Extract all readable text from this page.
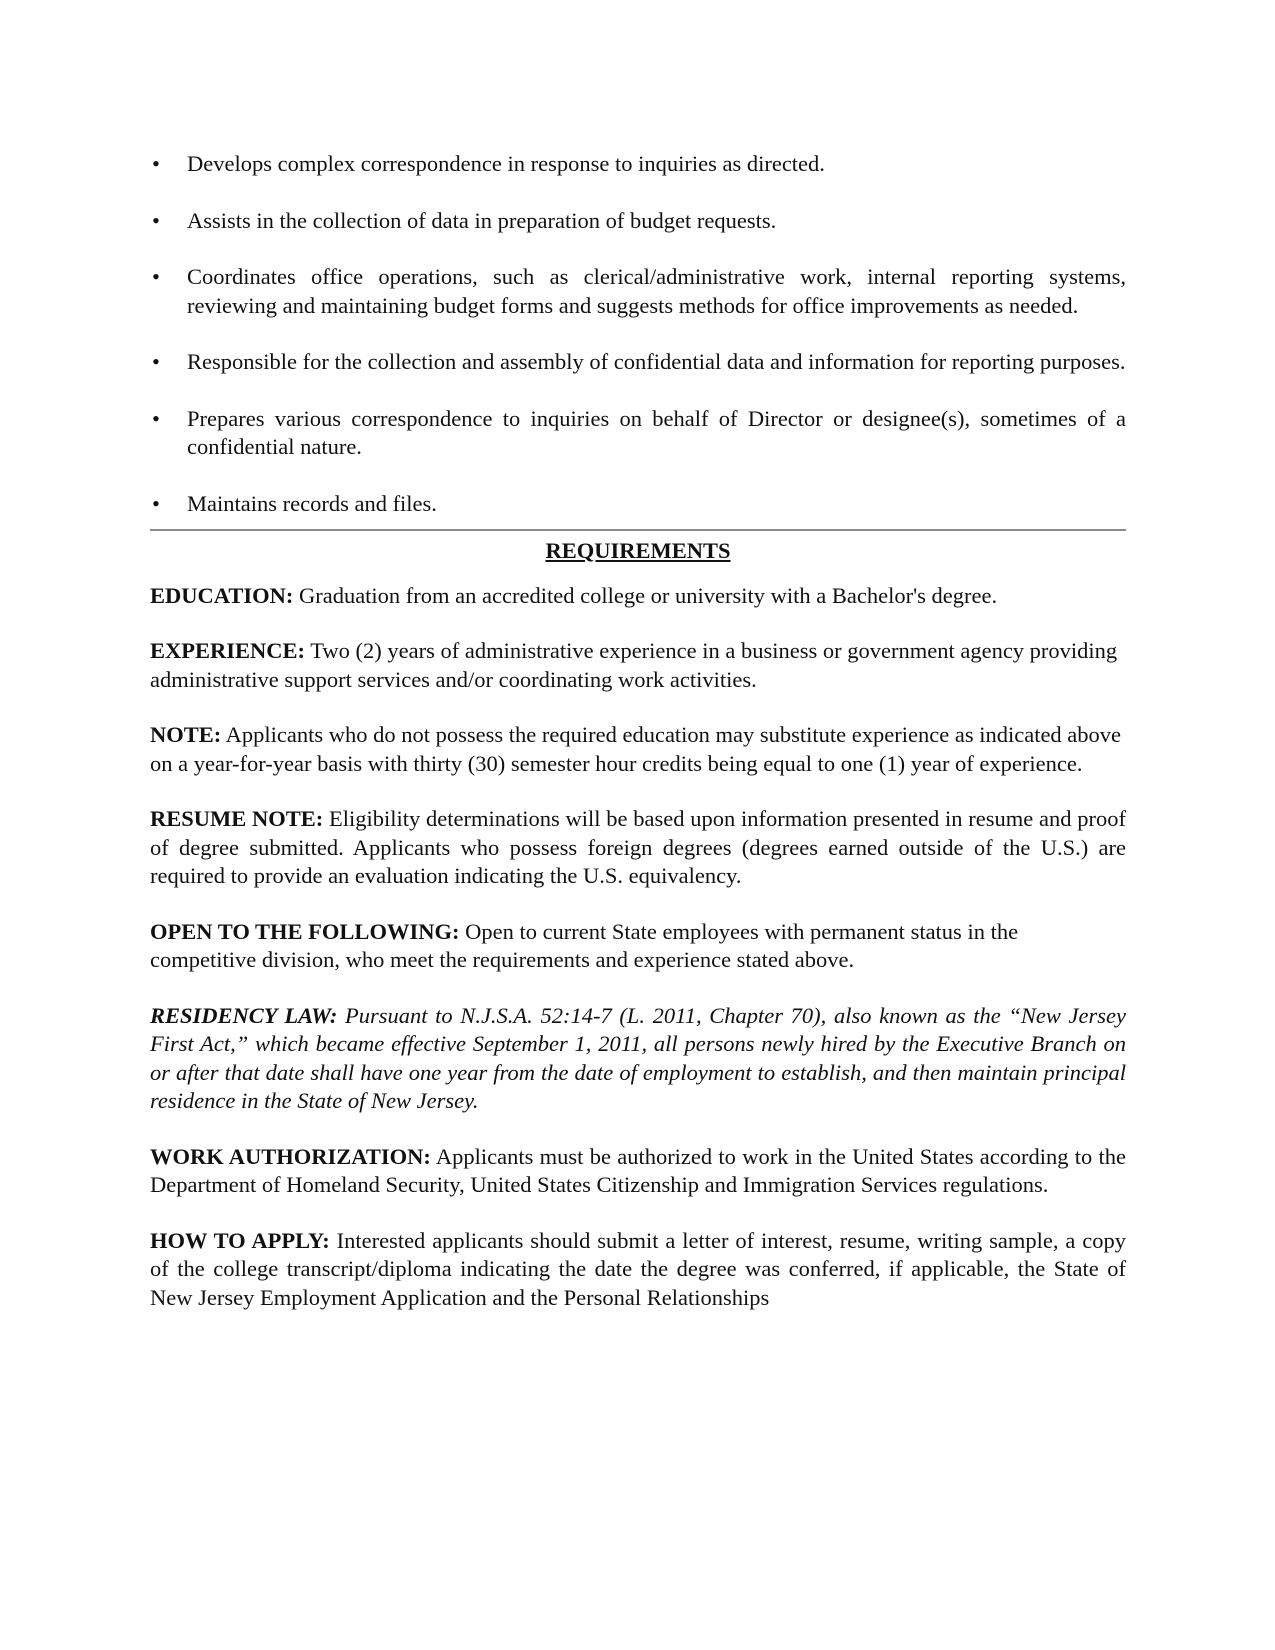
• Develops complex correspondence in response to inquiries as directed.
• Assists in the collection of data in preparation of budget requests.
• Coordinates office operations, such as clerical/administrative work, internal reporting systems, reviewing and maintaining budget forms and suggests methods for office improvements as needed.
• Responsible for the collection and assembly of confidential data and information for reporting purposes.
• Prepares various correspondence to inquiries on behalf of Director or designee(s), sometimes of a confidential nature.
• Maintains records and files.
REQUIREMENTS

EDUCATION: Graduation from an accredited college or university with a Bachelor's degree.

EXPERIENCE: Two (2) years of administrative experience in a business or government agency providing administrative support services and/or coordinating work activities.

NOTE: Applicants who do not possess the required education may substitute experience as indicated above on a year-for-year basis with thirty (30) semester hour credits being equal to one (1) year of experience.

RESUME NOTE: Eligibility determinations will be based upon information presented in resume and proof of degree submitted. Applicants who possess foreign degrees (degrees earned outside of the U.S.) are required to provide an evaluation indicating the U.S. equivalency.

OPEN TO THE FOLLOWING: Open to current State employees with permanent status in the competitive division, who meet the requirements and experience stated above.

RESIDENCY LAW: Pursuant to N.J.S.A. 52:14-7 (L. 2011, Chapter 70), also known as the “New Jersey First Act,” which became effective September 1, 2011, all persons newly hired by the Executive Branch on or after that date shall have one year from the date of employment to establish, and then maintain principal residence in the State of New Jersey.

WORK AUTHORIZATION: Applicants must be authorized to work in the United States according to the Department of Homeland Security, United States Citizenship and Immigration Services regulations.

HOW TO APPLY: Interested applicants should submit a letter of interest, resume, writing sample, a copy of the college transcript/diploma indicating the date the degree was conferred, if applicable, the State of New Jersey Employment Application and the Personal Relationships
